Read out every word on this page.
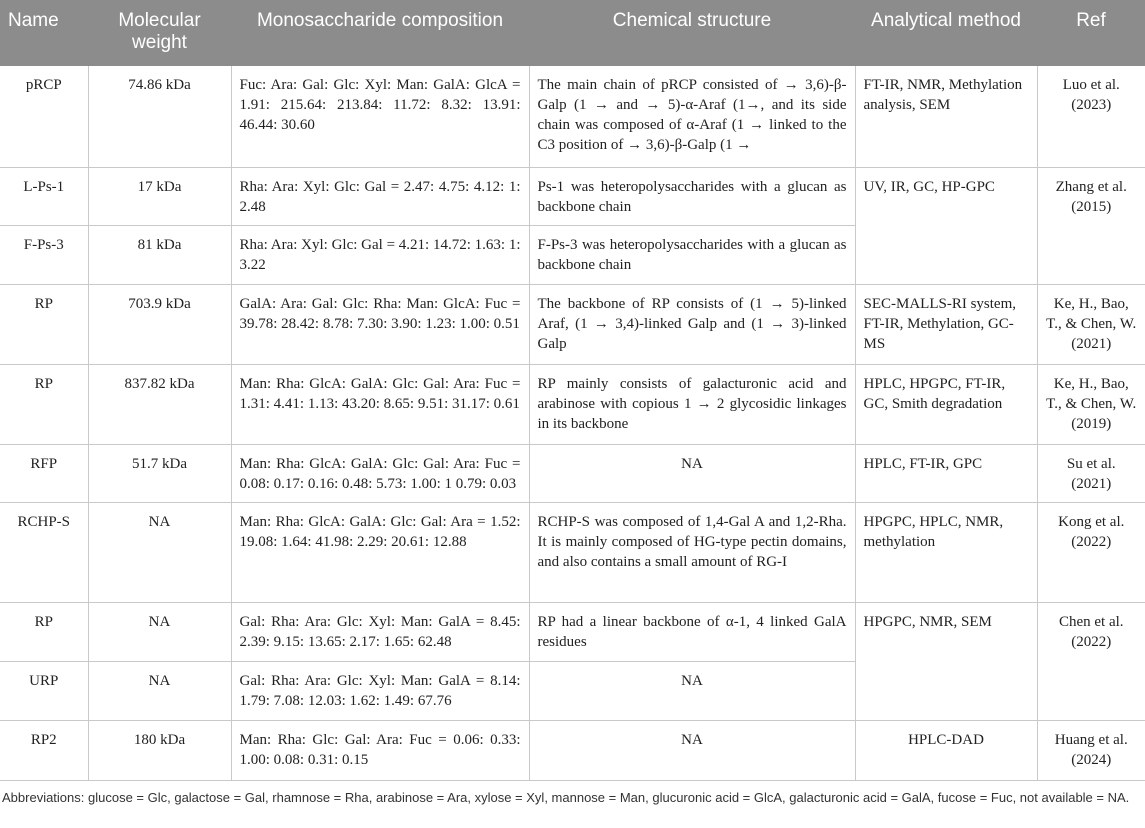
Name	Molecular weight	Monosaccharide composition	Chemical structure	Analytical method	Ref
pRCP	74.86 kDa	Fuc: Ara: Gal: Glc: Xyl: Man: GalA: GlcA = 1.91: 215.64: 213.84: 11.72: 8.32: 13.91: 46.44: 30.60	The main chain of pRCP consisted of → 3,6)-β-Galp (1 → and → 5)-α-Araf (1→, and its side chain was composed of α-Araf (1 → linked to the C3 position of → 3,6)-β-Galp (1 →	FT-IR, NMR, Methylation analysis, SEM	Luo et al. (2023)
L-Ps-1	17 kDa	Rha: Ara: Xyl: Glc: Gal = 2.47: 4.75: 4.12: 1: 2.48	Ps-1 was heteropolysaccharides with a glucan as backbone chain	UV, IR, GC, HP-GPC	Zhang et al. (2015)
F-Ps-3	81 kDa	Rha: Ara: Xyl: Glc: Gal = 4.21: 14.72: 1.63: 1: 3.22	F-Ps-3 was heteropolysaccharides with a glucan as backbone chain		
RP	703.9 kDa	GalA: Ara: Gal: Glc: Rha: Man: GlcA: Fuc = 39.78: 28.42: 8.78: 7.30: 3.90: 1.23: 1.00: 0.51	The backbone of RP consists of (1 → 5)-linked Araf, (1 → 3,4)-linked Galp and (1 → 3)-linked Galp	SEC-MALLS-RI system, FT-IR, Methylation, GC-MS	Ke, H., Bao, T., & Chen, W. (2021)
RP	837.82 kDa	Man: Rha: GlcA: GalA: Glc: Gal: Ara: Fuc = 1.31: 4.41: 1.13: 43.20: 8.65: 9.51: 31.17: 0.61	RP mainly consists of galacturonic acid and arabinose with copious 1 → 2 glycosidic linkages in its backbone	HPLC, HPGPC, FT-IR, GC, Smith degradation	Ke, H., Bao, T., & Chen, W. (2019)
RFP	51.7 kDa	Man: Rha: GlcA: GalA: Glc: Gal: Ara: Fuc = 0.08: 0.17: 0.16: 0.48: 5.73: 1.00: 1 0.79: 0.03	NA	HPLC, FT-IR, GPC	Su et al. (2021)
RCHP-S	NA	Man: Rha: GlcA: GalA: Glc: Gal: Ara = 1.52: 19.08: 1.64: 41.98: 2.29: 20.61: 12.88	RCHP-S was composed of 1,4-Gal A and 1,2-Rha. It is mainly composed of HG-type pectin domains, and also contains a small amount of RG-I	HPGPC, HPLC, NMR, methylation	Kong et al. (2022)
RP	NA	Gal: Rha: Ara: Glc: Xyl: Man: GalA = 8.45: 2.39: 9.15: 13.65: 2.17: 1.65: 62.48	RP had a linear backbone of α-1, 4 linked GalA residues	HPGPC, NMR, SEM	Chen et al. (2022)
URP	NA	Gal: Rha: Ara: Glc: Xyl: Man: GalA = 8.14: 1.79: 7.08: 12.03: 1.62: 1.49: 67.76	NA		
RP2	180 kDa	Man: Rha: Glc: Gal: Ara: Fuc = 0.06: 0.33: 1.00: 0.08: 0.31: 0.15	NA	HPLC-DAD	Huang et al. (2024)
Abbreviations: glucose = Glc, galactose = Gal, rhamnose = Rha, arabinose = Ara, xylose = Xyl, mannose = Man, glucuronic acid = GlcA, galacturonic acid = GalA, fucose = Fuc, not available = NA.
